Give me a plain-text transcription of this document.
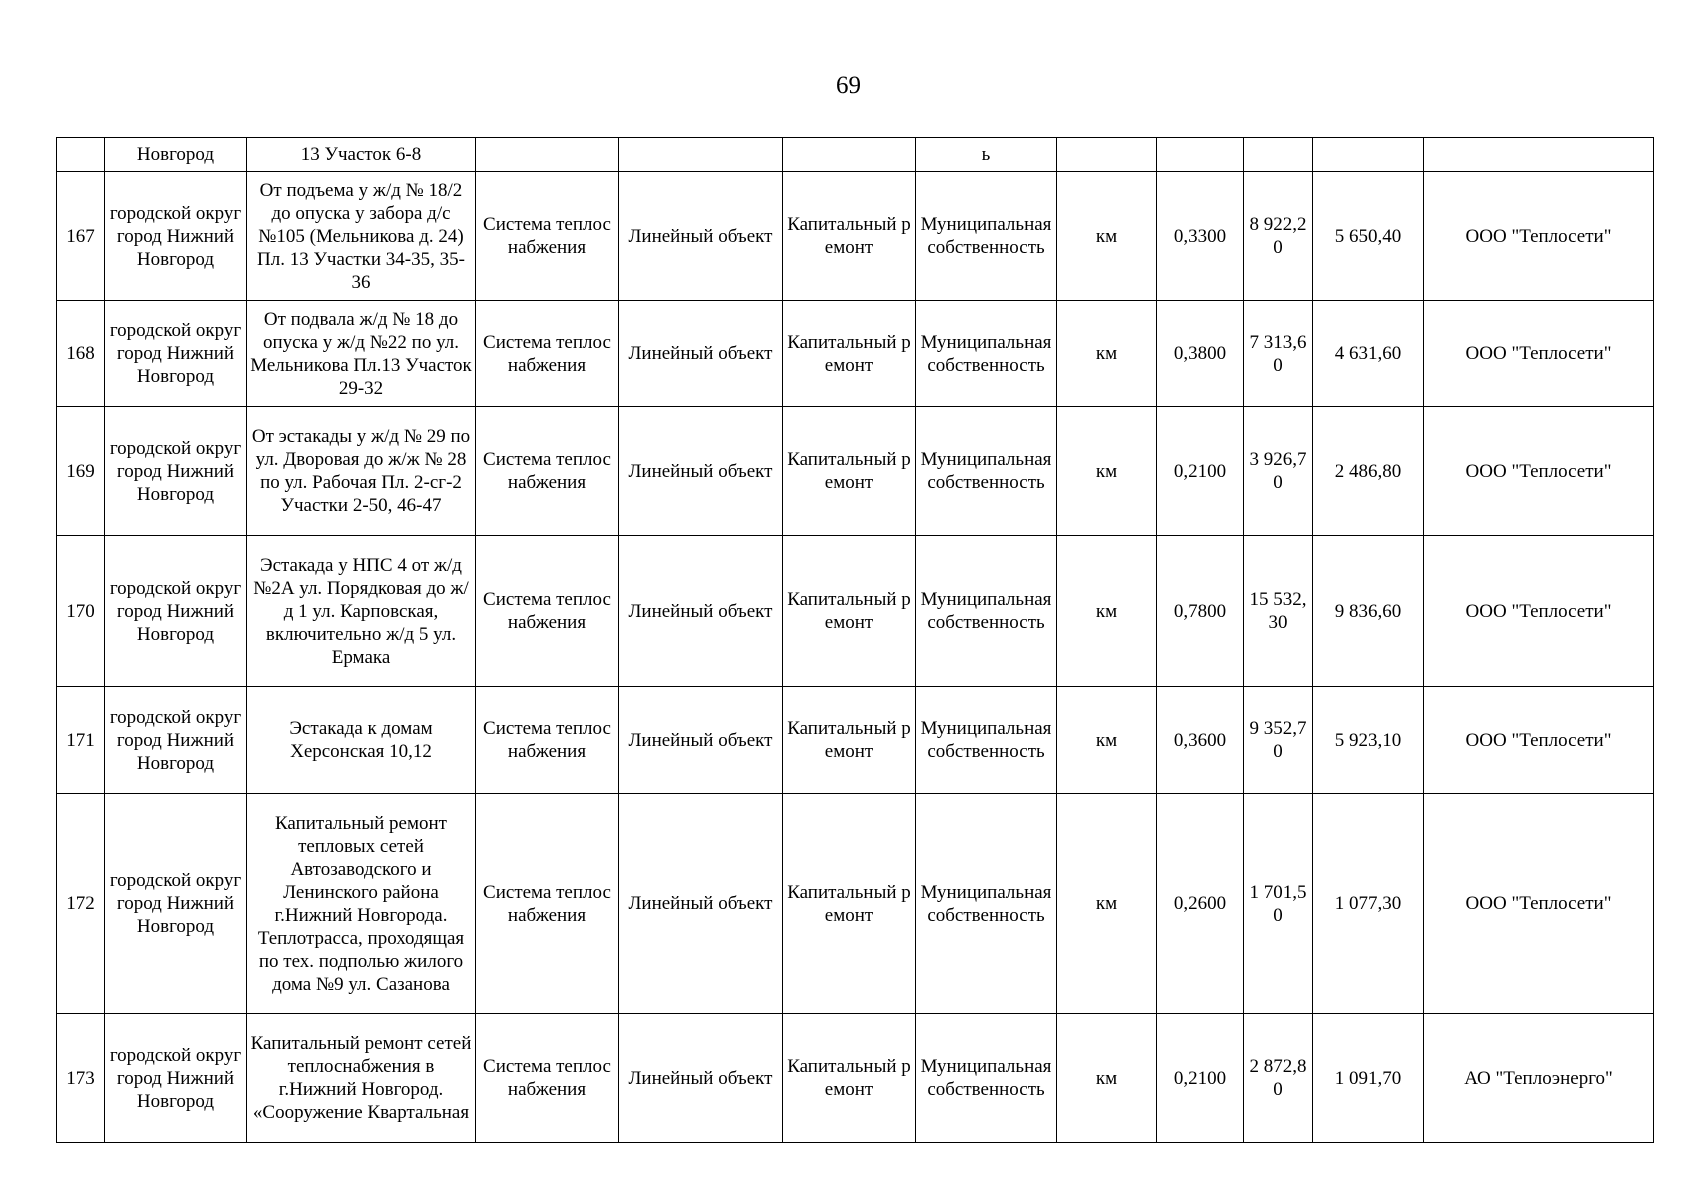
69
	Новгород	13 Участок 6-8				ь					
167	городской округ город Нижний Новгород	От подъема у ж/д № 18/2 до опуска у забора д/с №105 (Мельникова д. 24) Пл. 13 Участки 34-35, 35-36	Система теплоснабжения	Линейный объект	Капитальный ремонт	Муниципальная собственность	км	0,3300	8 922,20	5 650,40	ООО "Теплосети"
168	городской округ город Нижний Новгород	От подвала ж/д № 18 до опуска у ж/д №22 по ул. Мельникова Пл.13 Участок 29-32	Система теплоснабжения	Линейный объект	Капитальный ремонт	Муниципальная собственность	км	0,3800	7 313,60	4 631,60	ООО "Теплосети"
169	городской округ город Нижний Новгород	От эстакады у ж/д № 29 по ул. Дворовая до ж/ж № 28 по ул. Рабочая Пл. 2-сг-2 Участки 2-50, 46-47	Система теплоснабжения	Линейный объект	Капитальный ремонт	Муниципальная собственность	км	0,2100	3 926,70	2 486,80	ООО "Теплосети"
170	городской округ город Нижний Новгород	Эстакада у НПС 4 от ж/д №2А ул. Порядковая до ж/д 1 ул. Карповская, включительно ж/д 5 ул. Ермака	Система теплоснабжения	Линейный объект	Капитальный ремонт	Муниципальная собственность	км	0,7800	15 532,30	9 836,60	ООО "Теплосети"
171	городской округ город Нижний Новгород	Эстакада к домам Херсонская 10,12	Система теплоснабжения	Линейный объект	Капитальный ремонт	Муниципальная собственность	км	0,3600	9 352,70	5 923,10	ООО "Теплосети"
172	городской округ город Нижний Новгород	Капитальный ремонт тепловых сетей Автозаводского и Ленинского района г.Нижний Новгорода. Теплотрасса, проходящая по тех. подполью жилого дома №9 ул. Сазанова	Система теплоснабжения	Линейный объект	Капитальный ремонт	Муниципальная собственность	км	0,2600	1 701,50	1 077,30	ООО "Теплосети"
173	городской округ город Нижний Новгород	Капитальный ремонт сетей теплоснабжения в г.Нижний Новгород. «Сооружение Квартальная	Система теплоснабжения	Линейный объект	Капитальный ремонт	Муниципальная собственность	км	0,2100	2 872,80	1 091,70	АО "Теплоэнерго"
